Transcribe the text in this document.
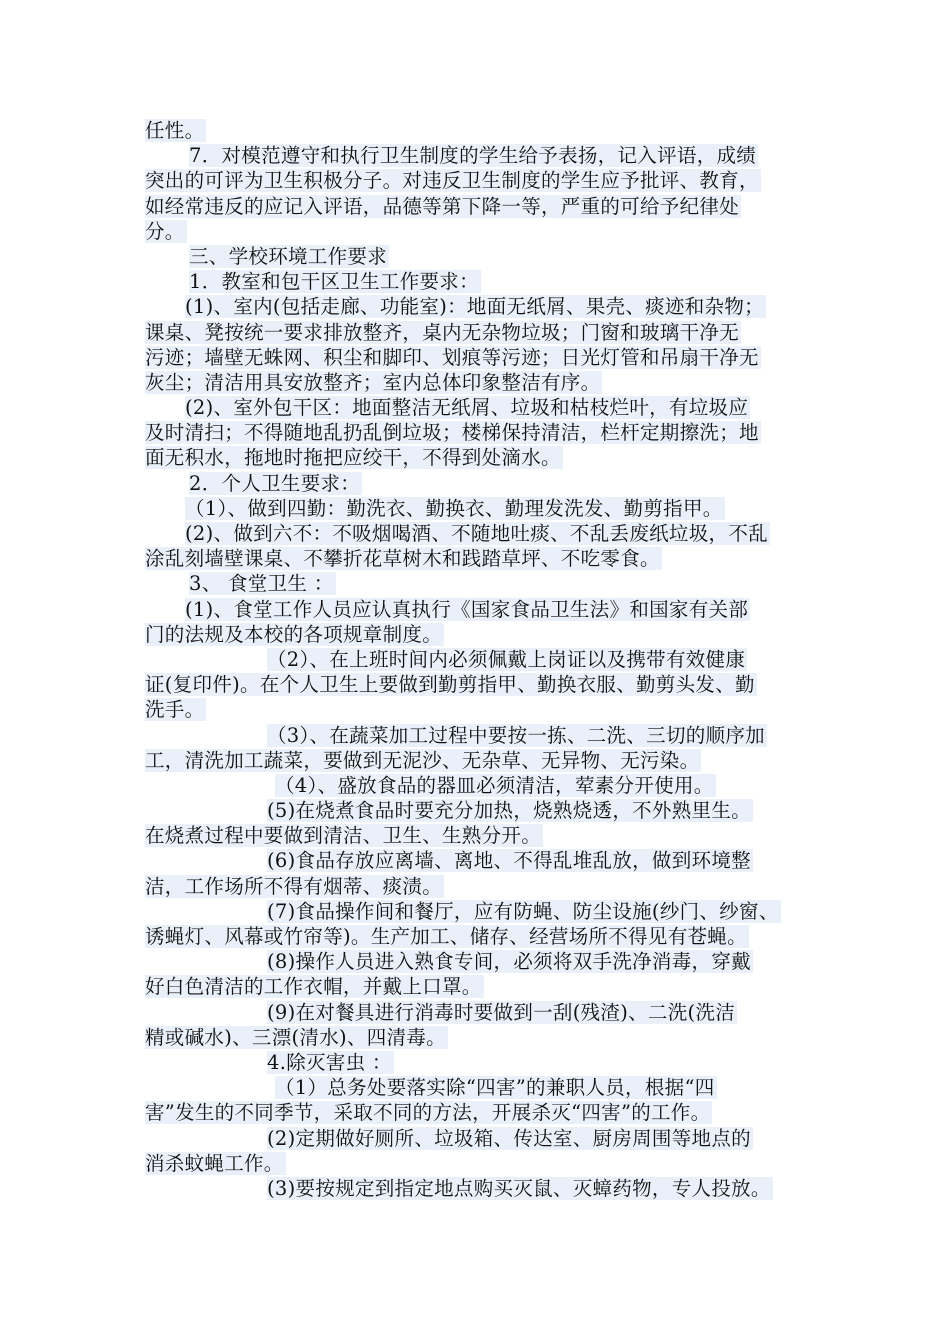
任性。
7．对模范遵守和执行卫生制度的学生给予表扬，记入评语，成绩
突出的可评为卫生积极分子。对违反卫生制度的学生应予批评、教育，
如经常违反的应记入评语，品德等第下降一等，严重的可给予纪律处
分。
三、学校环境工作要求
1．教室和包干区卫生工作要求：
(1)、室内(包括走廊、功能室)：地面无纸屑、果壳、痰迹和杂物；
课桌、凳按统一要求排放整齐，桌内无杂物垃圾；门窗和玻璃干净无
污迹；墙壁无蛛网、积尘和脚印、划痕等污迹；日光灯管和吊扇干净无
灰尘；清洁用具安放整齐；室内总体印象整洁有序。
(2)、室外包干区：地面整洁无纸屑、垃圾和枯枝烂叶，有垃圾应
及时清扫；不得随地乱扔乱倒垃圾；楼梯保持清洁，栏杆定期擦洗；地
面无积水，拖地时拖把应绞干，不得到处滴水。
2．个人卫生要求：
（1）、做到四勤：勤洗衣、勤换衣、勤理发洗发、勤剪指甲。
(2)、做到六不：不吸烟喝酒、不随地吐痰、不乱丢废纸垃圾，不乱
涂乱刻墙壁课桌、不攀折花草树木和践踏草坪、不吃零食。
3、 食堂卫生 ：
(1)、食堂工作人员应认真执行《国家食品卫生法》和国家有关部
门的法规及本校的各项规章制度。
（2）、在上班时间内必须佩戴上岗证以及携带有效健康
证(复印件)。在个人卫生上要做到勤剪指甲、勤换衣服、勤剪头发、勤
洗手。
（3）、在蔬菜加工过程中要按一拣、二洗、三切的顺序加
工，清洗加工蔬菜，要做到无泥沙、无杂草、无异物、无污染。
（4）、盛放食品的器皿必须清洁，荤素分开使用。
(5)在烧煮食品时要充分加热，烧熟烧透，不外熟里生。
在烧煮过程中要做到清洁、卫生、生熟分开。
(6)食品存放应离墙、离地、不得乱堆乱放，做到环境整
洁，工作场所不得有烟蒂、痰渍。
(7)食品操作间和餐厅，应有防蝇、防尘设施(纱门、纱窗、
诱蝇灯、风幕或竹帘等)。生产加工、储存、经营场所不得见有苍蝇。
(8)操作人员进入熟食专间，必须将双手洗净消毒，穿戴
好白色清洁的工作衣帽，并戴上口罩。
(9)在对餐具进行消毒时要做到一刮(残渣)、二洗(洗洁
精或碱水)、三漂(清水)、四清毒。
4.除灭害虫 ：
（1）总务处要落实除“四害”的兼职人员，根据“四
害”发生的不同季节，采取不同的方法，开展杀灭“四害”的工作。
(2)定期做好厕所、垃圾箱、传达室、厨房周围等地点的
消杀蚊蝇工作。
(3)要按规定到指定地点购买灭鼠、灭蟑药物，专人投放。
